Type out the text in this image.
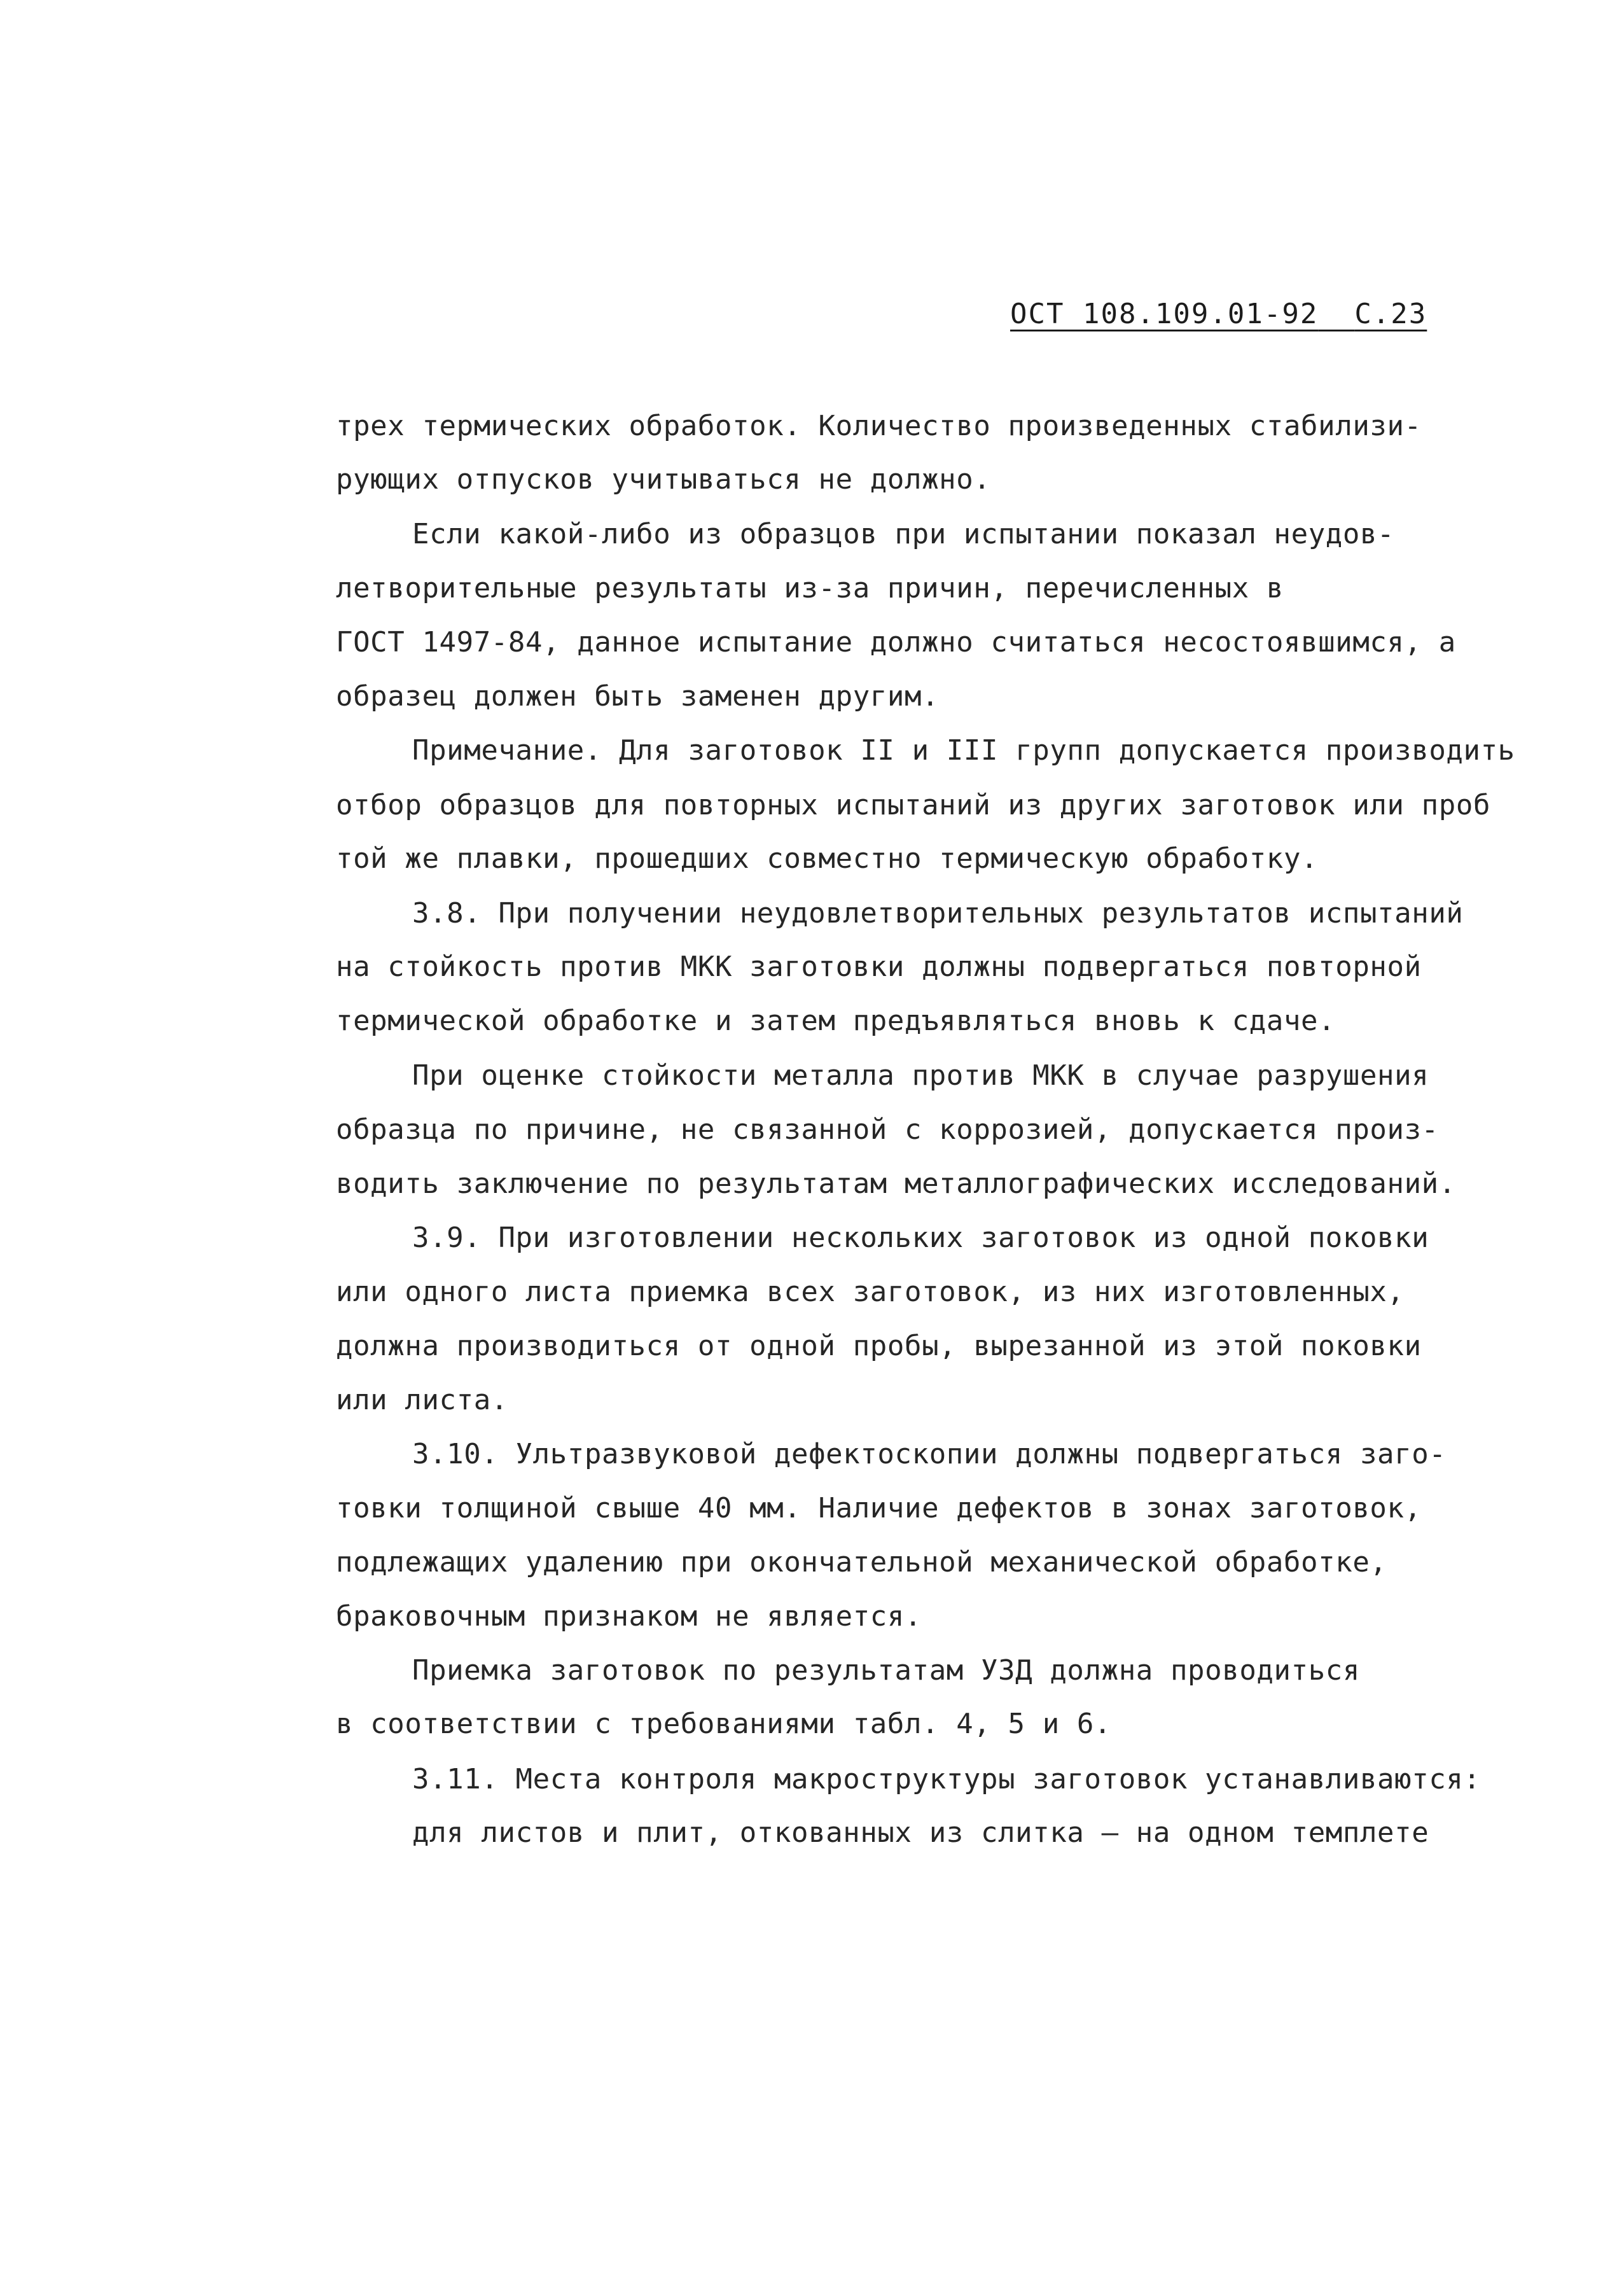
ОСТ 108.109.01-92 С.23
трех термических обработок. Количество произведенных стабилизи-
рующих отпусков учитываться не должно.
Если какой-либо из образцов при испытании показал неудов-
летворительные результаты из-за причин, перечисленных в
ГОСТ 1497-84, данное испытание должно считаться несостоявшимся, а
образец должен быть заменен другим.
Примечание. Для заготовок II и III групп допускается производить
отбор образцов для повторных испытаний из других заготовок или проб
той же плавки, прошедших совместно термическую обработку.
3.8. При получении неудовлетворительных результатов испытаний
на стойкость против МКК заготовки должны подвергаться повторной
термической обработке и затем предъявляться вновь к сдаче.
При оценке стойкости металла против МКК в случае разрушения
образца по причине, не связанной с коррозией, допускается произ-
водить заключение по результатам металлографических исследований.
3.9. При изготовлении нескольких заготовок из одной поковки
или одного листа приемка всех заготовок, из них изготовленных,
должна производиться от одной пробы, вырезанной из этой поковки
или листа.
3.10. Ультразвуковой дефектоскопии должны подвергаться заго-
товки толщиной свыше 40 мм. Наличие дефектов в зонах заготовок,
подлежащих удалению при окончательной механической обработке,
браковочным признаком не является.
Приемка заготовок по результатам УЗД должна проводиться
в соответствии с требованиями табл. 4, 5 и 6.
3.11. Места контроля макроструктуры заготовок устанавливаются:
для листов и плит, откованных из слитка – на одном темплете
